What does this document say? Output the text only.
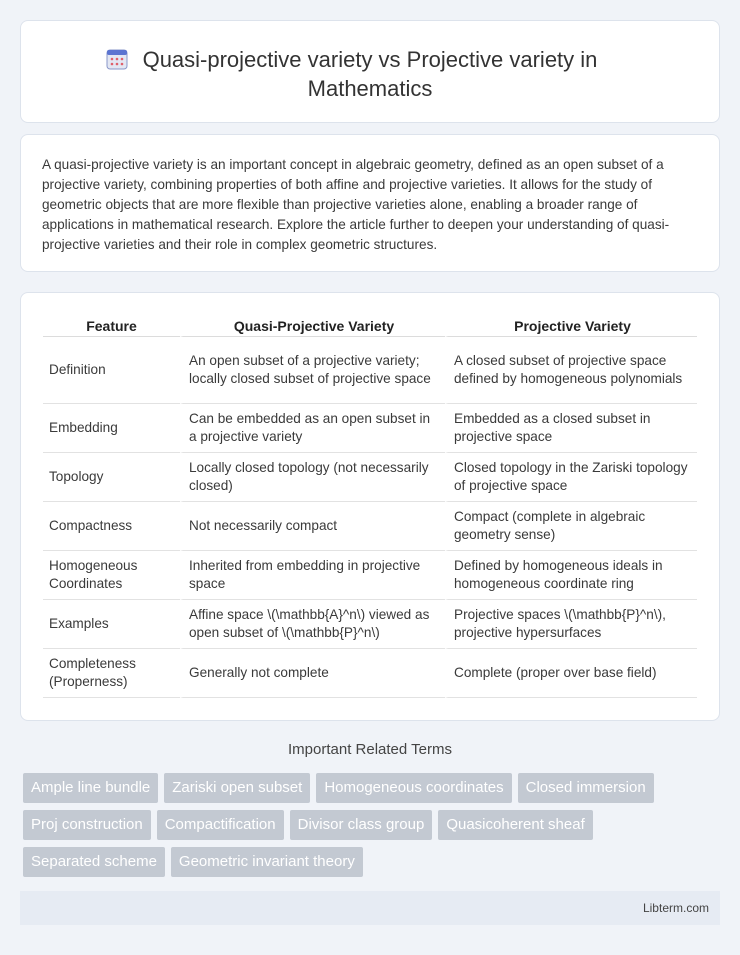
Quasi-projective variety vs Projective variety in Mathematics

A quasi-projective variety is an important concept in algebraic geometry, defined as an open subset of a projective variety, combining properties of both affine and projective varieties. It allows for the study of geometric objects that are more flexible than projective varieties alone, enabling a broader range of applications in mathematical research. Explore the article further to deepen your understanding of quasi-projective varieties and their role in complex geometric structures.

Feature	Quasi-Projective Variety	Projective Variety
Definition	An open subset of a projective variety; locally closed subset of projective space	A closed subset of projective space defined by homogeneous polynomials
Embedding	Can be embedded as an open subset in a projective variety	Embedded as a closed subset in projective space
Topology	Locally closed topology (not necessarily closed)	Closed topology in the Zariski topology of projective space
Compactness	Not necessarily compact	Compact (complete in algebraic geometry sense)
Homogeneous Coordinates	Inherited from embedding in projective space	Defined by homogeneous ideals in homogeneous coordinate ring
Examples	Affine space \(\mathbb{A}^n\) viewed as open subset of \(\mathbb{P}^n\)	Projective spaces \(\mathbb{P}^n\), projective hypersurfaces
Completeness (Properness)	Generally not complete	Complete (proper over base field)
Important Related Terms
Ample line bundle	Zariski open subset	Homogeneous coordinates	Closed immersion
Proj construction	Compactification	Divisor class group	Quasicoherent sheaf
Separated scheme	Geometric invariant theory
Libterm.com
